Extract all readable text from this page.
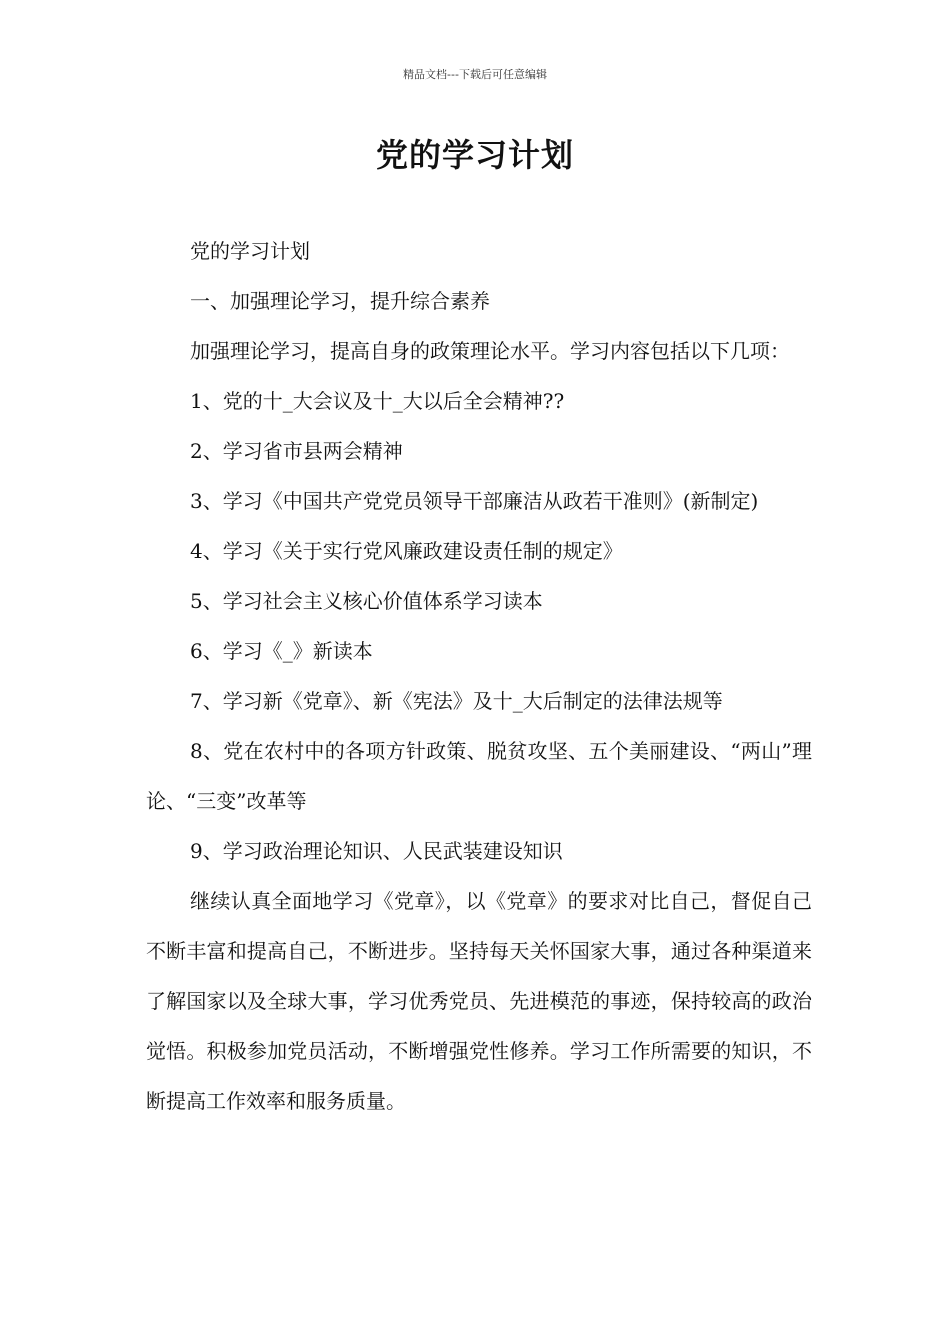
精品文档---下载后可任意编辑
党的学习计划

党的学习计划

一、加强理论学习，提升综合素养

加强理论学习，提高自身的政策理论水平。学习内容包括以下几项：

1、党的十_大会议及十_大以后全会精神??

2、学习省市县两会精神

3、学习《中国共产党党员领导干部廉洁从政若干准则》(新制定)

4、学习《关于实行党风廉政建设责任制的规定》

5、学习社会主义核心价值体系学习读本

6、学习《_》新读本

7、学习新《党章》、新《宪法》及十_大后制定的法律法规等

8、党在农村中的各项方针政策、脱贫攻坚、五个美丽建设、“两山”理论、“三变”改革等

9、学习政治理论知识、人民武装建设知识

继续认真全面地学习《党章》，以《党章》的要求对比自己，督促自己不断丰富和提高自己，不断进步。坚持每天关怀国家大事，通过各种渠道来了解国家以及全球大事，学习优秀党员、先进模范的事迹，保持较高的政治觉悟。积极参加党员活动，不断增强党性修养。学习工作所需要的知识，不断提高工作效率和服务质量。
